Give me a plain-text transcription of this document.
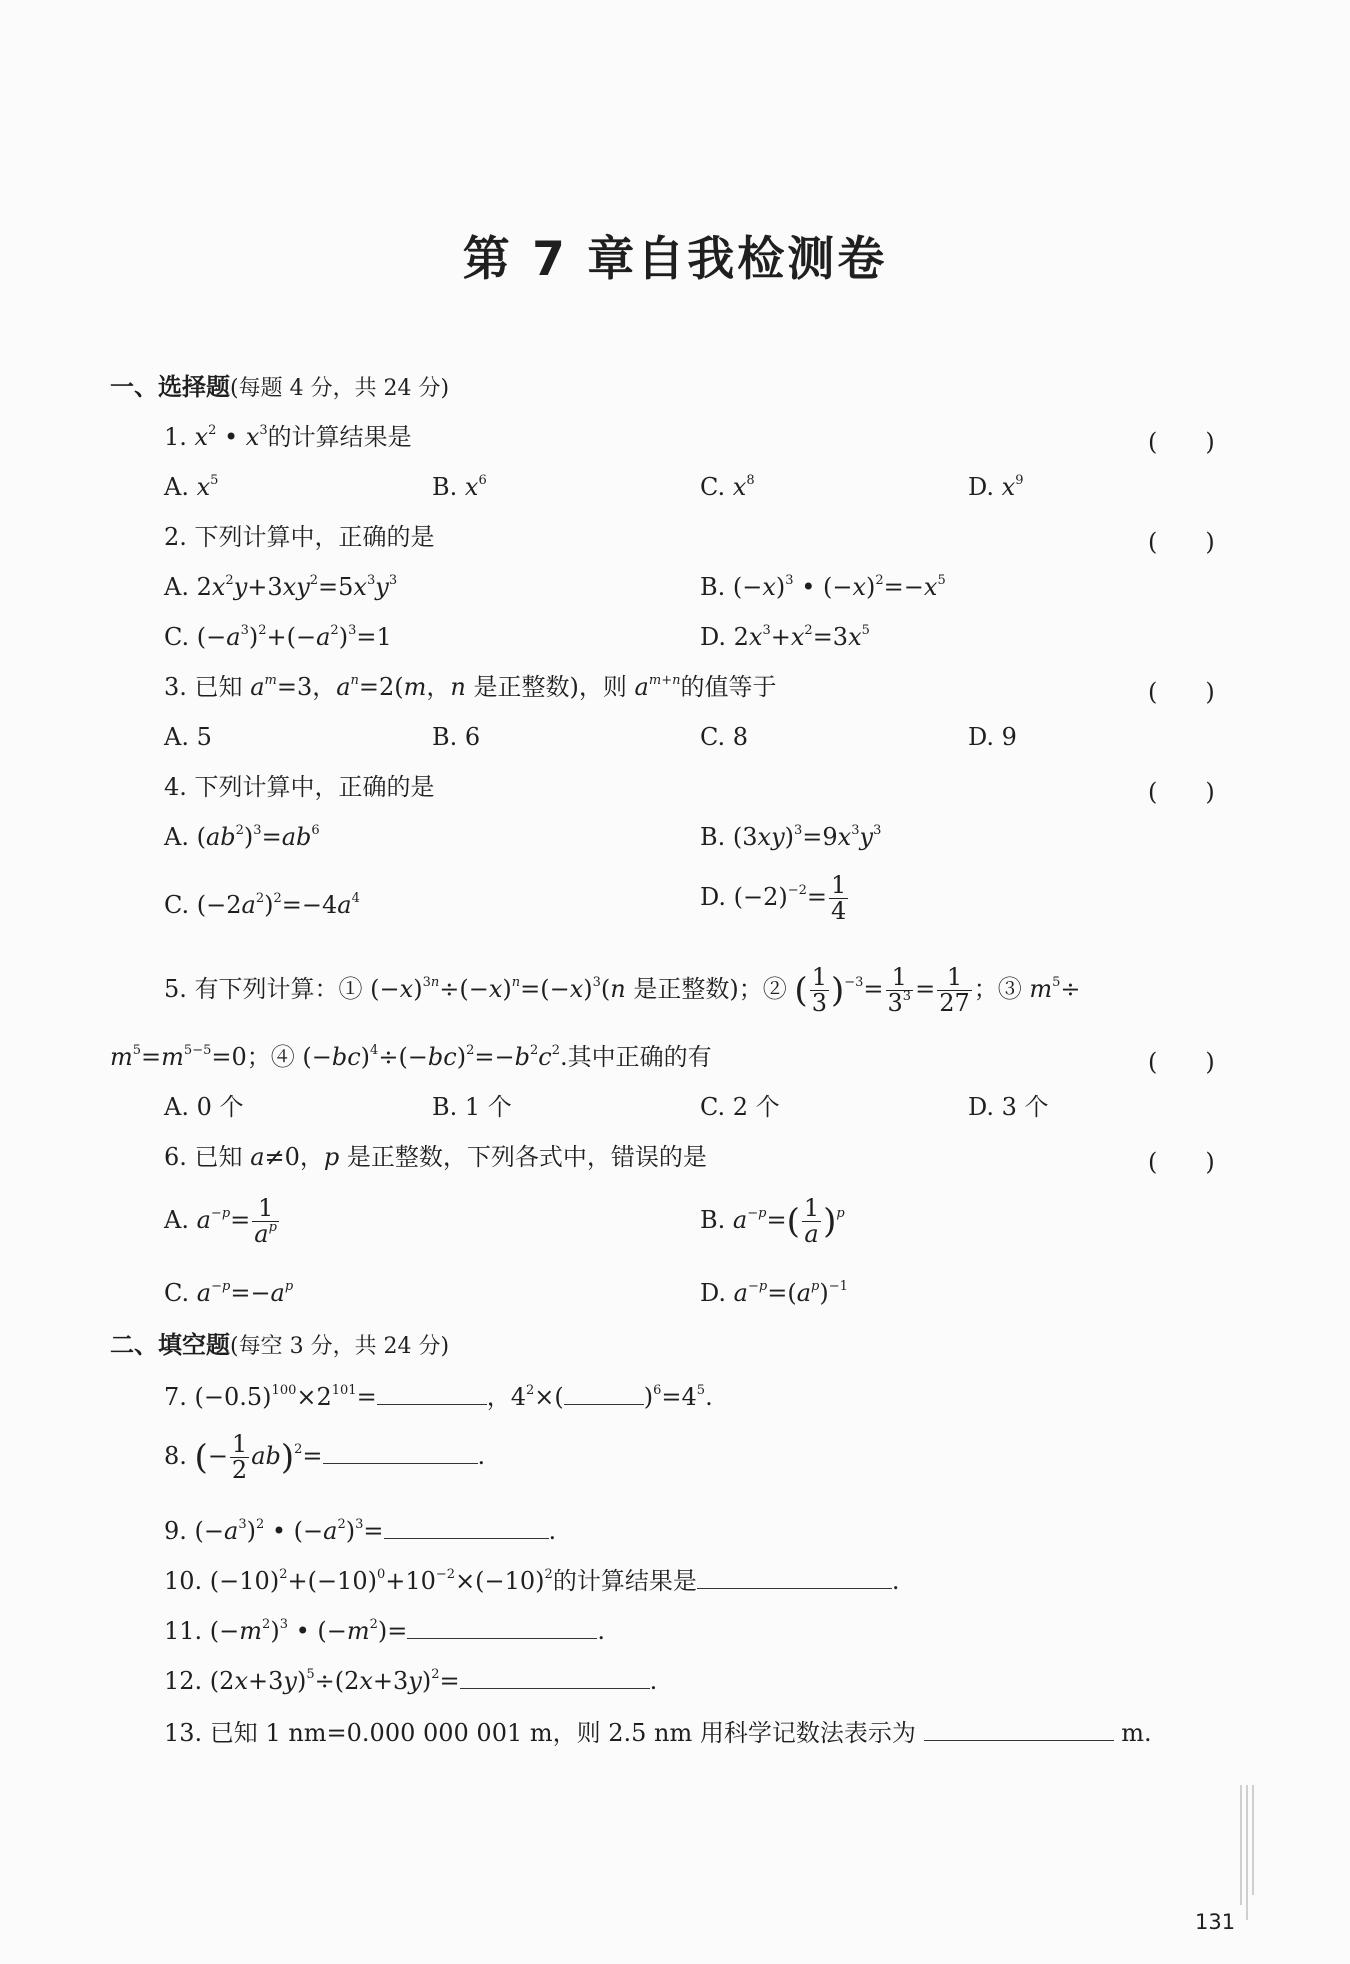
第 7 章自我检测卷
一、选择题(每题 4 分，共 24 分)
1. $x^2$ • $x^3$的计算结果是	(　　)
A. $x^5$	B. $x^6$	C. $x^8$	D. $x^9$
2. 下列计算中，正确的是	(　　)
A. $2x^2y+3xy^2=5x^3y^3$	B. $(-x)^3$ • $(-x)^2=-x^5$
C. $(-a^3)^2+(-a^2)^3=1$	D. $2x^3+x^2=3x^5$
3. 已知 $a^m=3$，$a^n=2(m$，n 是正整数)，则 $a^{m+n}$的值等于	(　　)
A. 5	B. 6	C. 8	D. 9
4. 下列计算中，正确的是	(　　)
A. $(ab^2)^3=ab^6$	B. $(3xy)^3=9x^3y^3$
C. $(-2a^2)^2=-4a^4$	D. $(-2)^{-2}= \frac{1}{4}$
5. 有下列计算：① $(-x)^{3n}\div(-x)^n=(-x)^3(n$ 是正整数)；② ( $\frac{1}{3} )^{-3}= \frac{1}{3^3} = \frac{1}{27}$ ；③ $m^5\div$
$m^5=m^{5-5}=0$；④ $(-bc)^4\div(-bc)^2=-b^2c^2$.其中正确的有	(　　)
A. 0 个	B. 1 个	C. 2 个	D. 3 个
6. 已知 a≠0，p 是正整数，下列各式中，错误的是	(　　)
A. $a^{-p}= \frac{1}{a^p}$	B. $a^{-p}=( \frac{1}{a} )^p$
C. $a^{-p}=-a^p$	D. $a^{-p}=(a^p)^{-1}$
二、填空题(每空 3 分，共 24 分)
7. $(-0.5)^{100}\times 2^{101}=$	，$4^2\times$(	)$^6=4^5$.
8. (− $\frac{1}{2} ab)^2=$	.
9. $(-a^3)^2$ • $(-a^2)^3=$	.
10. $(-10)^2+(-10)^0+10^{-2}\times(-10)^2$的计算结果是	.
11. $(-m^2)^3$ • $(-m^2)=$	.
12. $(2x+3y)^5\div(2x+3y)^2=$	.
13. 已知 1 nm=0.000 000 001 m，则 2.5 nm 用科学记数法表示为	m.
131
